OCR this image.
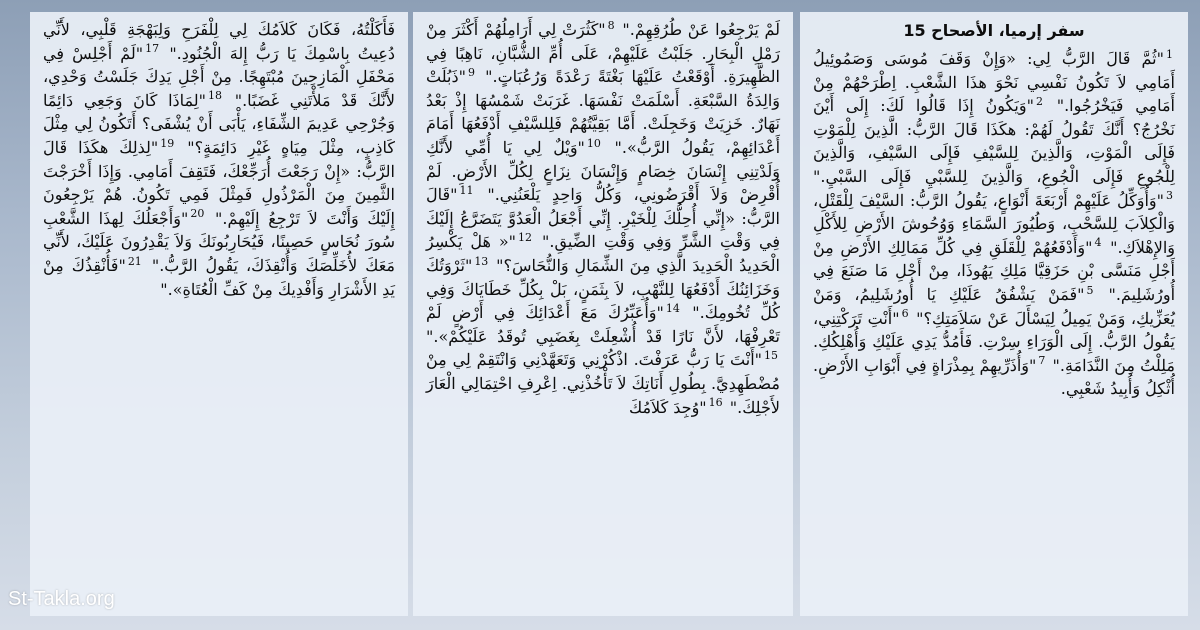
سفر إرميا، الأصحاح 15

$^1$"ثُمَّ قَالَ الرَّبُّ لِي: «وَإِنْ وَقَفَ مُوسَى وَصَمُوئِيلُ أَمَامِي لاَ تَكُونُ نَفْسِي نَحْوَ هذَا الشَّعْبِ. اِطْرَحْهُمْ مِنْ أَمَامِي فَيَخْرُجُوا." $^2$"وَيَكُونُ إِذَا قَالُوا لَكَ: إِلَى أَيْنَ نَخْرُجُ؟ أَنَّكَ تَقُولُ لَهُمْ: هكَذَا قَالَ الرَّبُّ: الَّذِينَ لِلْمَوْتِ فَإِلَى الْمَوْتِ، وَالَّذِينَ لِلسَّيْفِ فَإِلَى السَّيْفِ، وَالَّذِينَ لِلْجُوعِ فَإِلَى الْجُوعِ، وَالَّذِينَ لِلسَّبْيِ فَإِلَى السَّبْيِ." $^3$"وَأُوَكِّلُ عَلَيْهِمْ أَرْبَعَةَ أَنْوَاعٍ، يَقُولُ الرَّبُّ: السَّيْفَ لِلْقَتْلِ، وَالْكِلاَبَ لِلسَّحْبِ، وَطُيُورَ السَّمَاءِ وَوُحُوشَ الأَرْضِ لِلأَكْلِ وَالإِهْلاَكِ." $^4$"وَأَدْفَعُهُمْ لِلْقَلَقِ فِي كُلِّ مَمَالِكِ الأَرْضِ مِنْ أَجْلِ مَنَسَّى بْنِ حَزَقِيَّا مَلِكِ يَهُوذَا، مِنْ أَجْلِ مَا صَنَعَ فِي أُورُشَلِيمَ." $^5$"فَمَنْ يَشْفُقُ عَلَيْكِ يَا أُورُشَلِيمُ، وَمَنْ يُعَزِّيكِ، وَمَنْ يَمِيلُ لِيَسْأَلَ عَنْ سَلاَمَتِكِ؟" $^6$"أَنْتِ تَرَكْتِنِي، يَقُولُ الرَّبُّ. إِلَى الْوَرَاءِ سِرْتِ. فَأَمُدُّ يَدِي عَلَيْكِ وَأُهْلِكُكِ. مَلِلْتُ مِنَ النَّدَامَةِ." $^7$"وَأُذَرِّيهِمْ بِمِذْرَاةٍ فِي أَبْوَابِ الأَرْضِ. أُثْكِلُ وَأُبِيدُ شَعْبِي.

لَمْ يَرْجِعُوا عَنْ طُرُقِهِمْ." $^8$"كَثُرَتْ لِي أَرَامِلُهُمْ أَكْثَرَ مِنْ رَمْلِ الْبِحَارِ. جَلَبْتُ عَلَيْهِمْ، عَلَى أُمِّ الشُّبَّانِ، نَاهِبًا فِي الظَّهِيرَةِ. أَوْقَعْتُ عَلَيْهَا بَغْتَةً رَعْدَةً وَرُعُبَاتٍ." $^9$"ذَبُلَتْ وَالِدَةُ السَّبْعَةِ. أَسْلَمَتْ نَفْسَهَا. غَرَبَتْ شَمْسُهَا إِذْ بَعْدُ نَهَارٌ. خَزِيَتْ وَخَجِلَتْ. أَمَّا بَقِيَّتُهُمْ فَلِلسَّيْفِ أَدْفَعُهَا أَمَامَ أَعْدَائِهِمْ، يَقُولُ الرَّبُّ»." $^{10}$"وَيْلٌ لِي يَا أُمِّي لأَنَّكِ وَلَدْتِنِي إِنْسَانَ خِصَامٍ وَإِنْسَانَ نِزَاعٍ لِكُلِّ الأَرْضِ. لَمْ أُقْرِضْ وَلاَ أَقْرَضُونِي، وَكُلُّ وَاحِدٍ يَلْعَنُنِي." $^{11}$"قَالَ الرَّبُّ: «إِنِّي أُحِلُّكَ لِلْخَيْرِ. إِنِّي أَجْعَلُ الْعَدُوَّ يَتَضَرَّعُ إِلَيْكَ فِي وَقْتِ الشَّرِّ وَفِي وَقْتِ الضِّيقِ." $^{12}$"« هَلْ يَكْسِرُ الْحَدِيدُ الْحَدِيدَ الَّذِي مِنَ الشِّمَالِ وَالنُّحَاسَ؟" $^{13}$"ثَرْوَتُكَ وَخَزَائِنُكَ أَدْفَعُهَا لِلنَّهْبِ، لاَ بِثَمَنٍ، بَلْ بِكُلِّ خَطَايَاكَ وَفِي كُلِّ تُخُومِكَ." $^{14}$"وَأُعَبِّرُكَ مَعَ أَعْدَائِكَ فِي أَرْضٍ لَمْ تَعْرِفْهَا، لأَنَّ نَارًا قَدْ أُشْعِلَتْ بِغَضَبِي تُوقَدُ عَلَيْكُمْ»." $^{15}$"أَنْتَ يَا رَبُّ عَرَفْتَ. اذْكُرْنِي وَتَعَهَّدْنِي وَانْتَقِمْ لِي مِنْ مُضْطَهِدِيَّ. بِطُولِ أَنَاتِكَ لاَ تَأْخُذْنِي. اِعْرِفِ احْتِمَالِي الْعَارَ لأَجْلِكَ." $^{16}$"وُجِدَ كَلاَمُكَ

فَأَكَلْتُهُ، فَكَانَ كَلاَمُكَ لِي لِلْفَرَحِ وَلِبَهْجَةِ قَلْبِي، لأَنِّي دُعِيتُ بِاسْمِكَ يَا رَبُّ إِلهَ الْجُنُودِ." $^{17}$"لَمْ أَجْلِسْ فِي مَحْفَلِ الْمَازِحِينَ مُبْتَهِجًا. مِنْ أَجْلِ يَدِكَ جَلَسْتُ وَحْدِي، لأَنَّكَ قَدْ مَلأْتَنِي غَضَبًا." $^{18}$"لِمَاذَا كَانَ وَجَعِي دَائِمًا وَجُرْحِي عَدِيمَ الشِّفَاءِ، يَأْبَى أَنْ يُشْفَى؟ أَتَكُونُ لِي مِثْلَ كَاذِبٍ، مِثْلَ مِيَاهٍ غَيْرِ دَائِمَةٍ؟" $^{19}$"لِذلِكَ هكَذَا قَالَ الرَّبُّ: «إِنْ رَجَعْتَ أُرَجِّعْكَ، فَتَقِفَ أَمَامِي. وَإِذَا أَخْرَجْتَ الثَّمِينَ مِنَ الْمَرْذُولِ فَمِثْلَ فَمِي تَكُونُ. هُمْ يَرْجِعُونَ إِلَيْكَ وَأَنْتَ لاَ تَرْجِعُ إِلَيْهِمْ." $^{20}$"وَأَجْعَلُكَ لِهذَا الشَّعْبِ سُورَ نُحَاسٍ حَصِينًا، فَيُحَارِبُونَكَ وَلاَ يَقْدِرُونَ عَلَيْكَ، لأَنِّي مَعَكَ لأُخَلِّصَكَ وَأُنْقِذَكَ، يَقُولُ الرَّبُّ." $^{21}$"فَأُنْقِذُكَ مِنْ يَدِ الأَشْرَارِ وَأَفْدِيكَ مِنْ كَفِّ الْعُتَاةِ»."

St-Takla.org
